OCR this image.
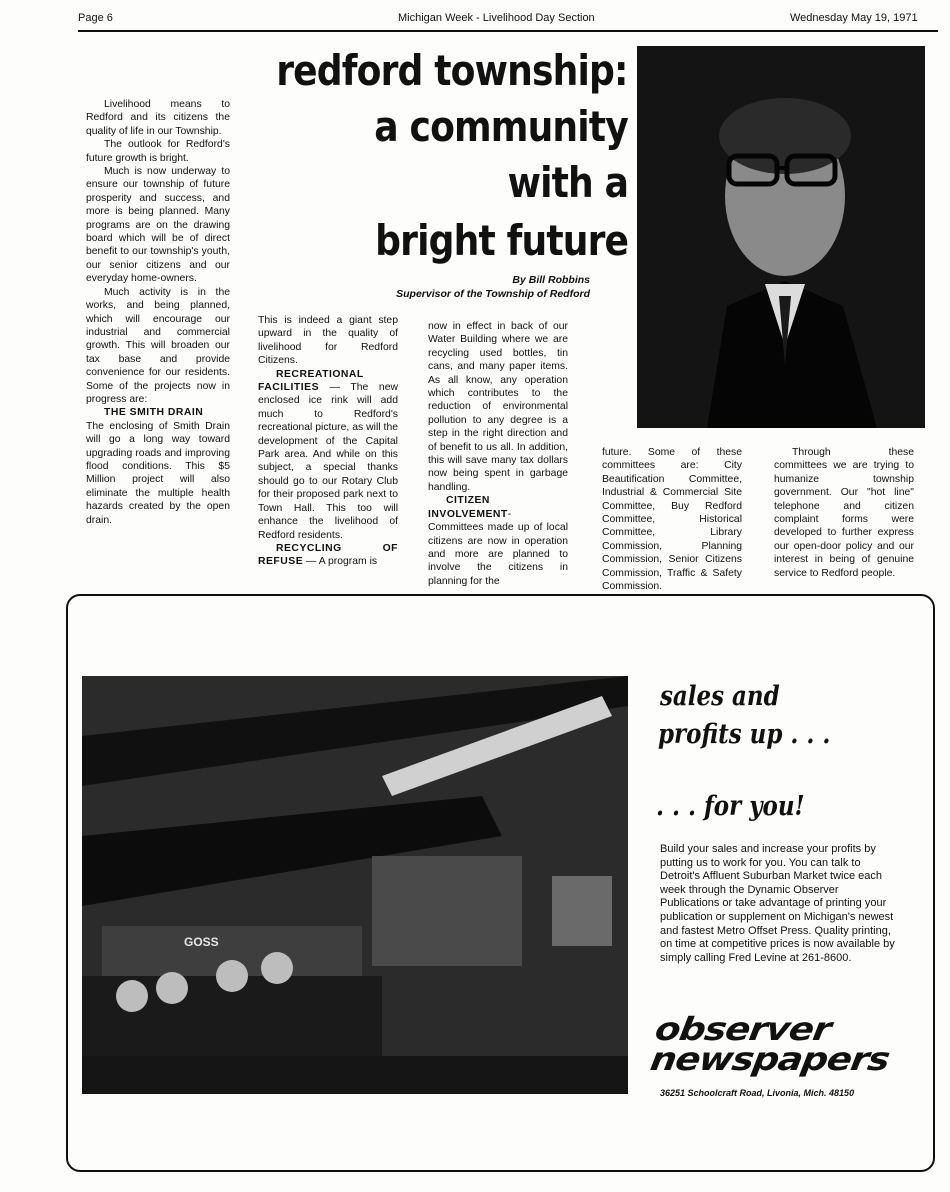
Page 6	Michigan Week - Livelihood Day Section	Wednesday May 19, 1971
redford township:
a community
with a
bright future
By Bill Robbins
Supervisor of the Township of Redford

Livelihood means to Redford and its citizens the quality of life in our Township.

The outlook for Redford's future growth is bright.

Much is now underway to ensure our township of future prosperity and success, and more is being planned. Many programs are on the drawing board which will be of direct benefit to our township's youth, our senior citizens and our everyday home-owners.

Much activity is in the works, and being planned, which will encourage our industrial and commercial growth. This will broaden our tax base and provide convenience for our residents. Some of the projects now in progress are:

THE SMITH DRAIN

The enclosing of Smith Drain will go a long way toward upgrading roads and improving flood conditions. This $5 Million project will also eliminate the multiple health hazards created by the open drain.

This is indeed a giant step upward in the quality of livelihood for Redford Citizens.

RECREATIONAL FACILITIES — The new enclosed ice rink will add much to Redford's recreational picture, as will the development of the Capital Park area. And while on this subject, a special thanks should go to our Rotary Club for their proposed park next to Town Hall. This too will enhance the livelihood of Redford residents.

RECYCLING OF REFUSE — A program is

now in effect in back of our Water Building where we are recycling used bottles, tin cans, and many paper items. As all know, any operation which contributes to the reduction of environmental pollution to any degree is a step in the right direction and of benefit to us all. In addition, this will save many tax dollars now being spent in garbage handling.

CITIZEN INVOLVEMENT- Committees made up of local citizens are now in operation and more are planned to involve the citizens in planning for the

future. Some of these committees are: City Beautification Committee, Industrial & Commercial Site Committee, Buy Redford Committee, Historical Committee, Library Commission, Planning Commission, Senior Citizens Commission, Traffic & Safety Commission.

Through these committees we are trying to humanize township government. Our "hot line" telephone and citizen complaint forms were developed to further express our open-door policy and our interest in being of genuine service to Redford people.

GOSS
sales and
profits up . . .
. . . for you!
Build your sales and increase your profits by putting us to work for you. You can talk to Detroit's Affluent Suburban Market twice each week through the Dynamic Observer Publications or take advantage of printing your publication or supplement on Michigan's newest and fastest Metro Offset Press. Quality printing, on time at competitive prices is now available by simply calling Fred Levine at 261-8600.
observer
newspapers
36251 Schoolcraft Road, Livonia, Mich. 48150
